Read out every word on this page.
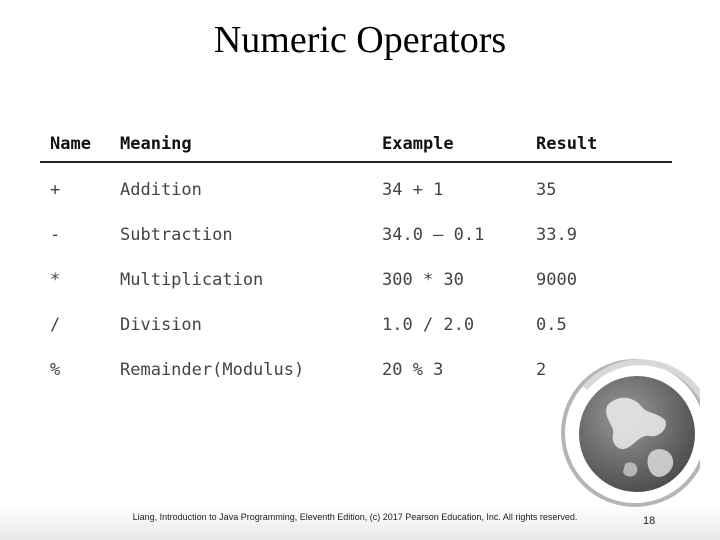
Numeric Operators
Name	Meaning	Example	Result
+	Addition	34 + 1	35
-	Subtraction	34.0 – 0.1	33.9
*	Multiplication	300 * 30	9000
/	Division	1.0 / 2.0	0.5
%	Remainder(Modulus)	20 % 3	2
Liang, Introduction to Java Programming, Eleventh Edition, (c) 2017 Pearson Education, Inc. All rights reserved.	18
